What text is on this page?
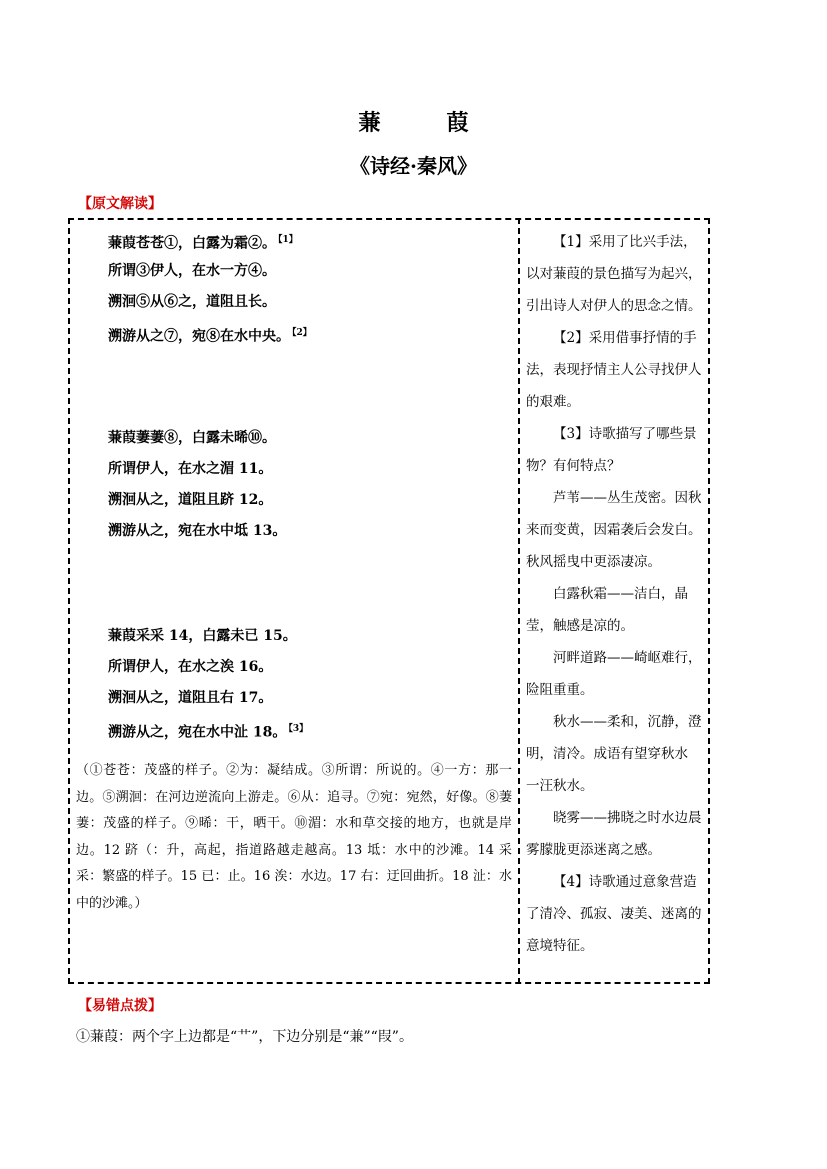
蒹　葭
《诗经·秦风》
【原文解读】
蒹葭苍苍①，白露为霜②。 $^{【1】}$
所谓③伊人，在水一方④。
溯洄⑤从⑥之，道阻且长。
溯游从之⑦，宛⑧在水中央。 $^{【2】}$
蒹葭萋萋⑧，白露未晞⑩。
所谓伊人，在水之湄 11。
溯洄从之，道阻且跻 12。
溯游从之，宛在水中坻 13。
蒹葭采采 14，白露未已 15。
所谓伊人，在水之涘 16。
溯洄从之，道阻且右 17。
溯游从之，宛在水中沚 18。 $^{【3】}$
（①苍苍：茂盛的样子。②为：凝结成。③所谓：所说的。④一方：那一边。⑤溯洄：在河边逆流向上游走。⑥从：追寻。⑦宛：宛然，好像。⑧萋萋：茂盛的样子。⑨晞：干，晒干。⑩湄：水和草交接的地方，也就是岸边。12 跻（：升，高起，指道路越走越高。13 坻：水中的沙滩。14 采采：繁盛的样子。15 已：止。16 涘：水边。17 右：迂回曲折。18 沚：水中的沙滩。）

【1】采用了比兴手法，以对蒹葭的景色描写为起兴，引出诗人对伊人的思念之情。

【2】采用借事抒情的手法，表现抒情主人公寻找伊人的艰难。

【3】诗歌描写了哪些景物？有何特点？

芦苇——丛生茂密。因秋来而变黄，因霜袭后会发白。秋风摇曳中更添凄凉。

白露秋霜——洁白，晶莹，触感是凉的。

河畔道路——崎岖难行，险阻重重。

秋水——柔和，沉静，澄明，清冷。成语有望穿秋水　一汪秋水。

晓雾——拂晓之时水边晨雾朦胧更添迷离之感。

【4】诗歌通过意象营造了清冷、孤寂、凄美、迷离的意境特征。

【易错点拨】
①蒹葭：两个字上边都是“艹”，下边分别是“兼”“叚”。
